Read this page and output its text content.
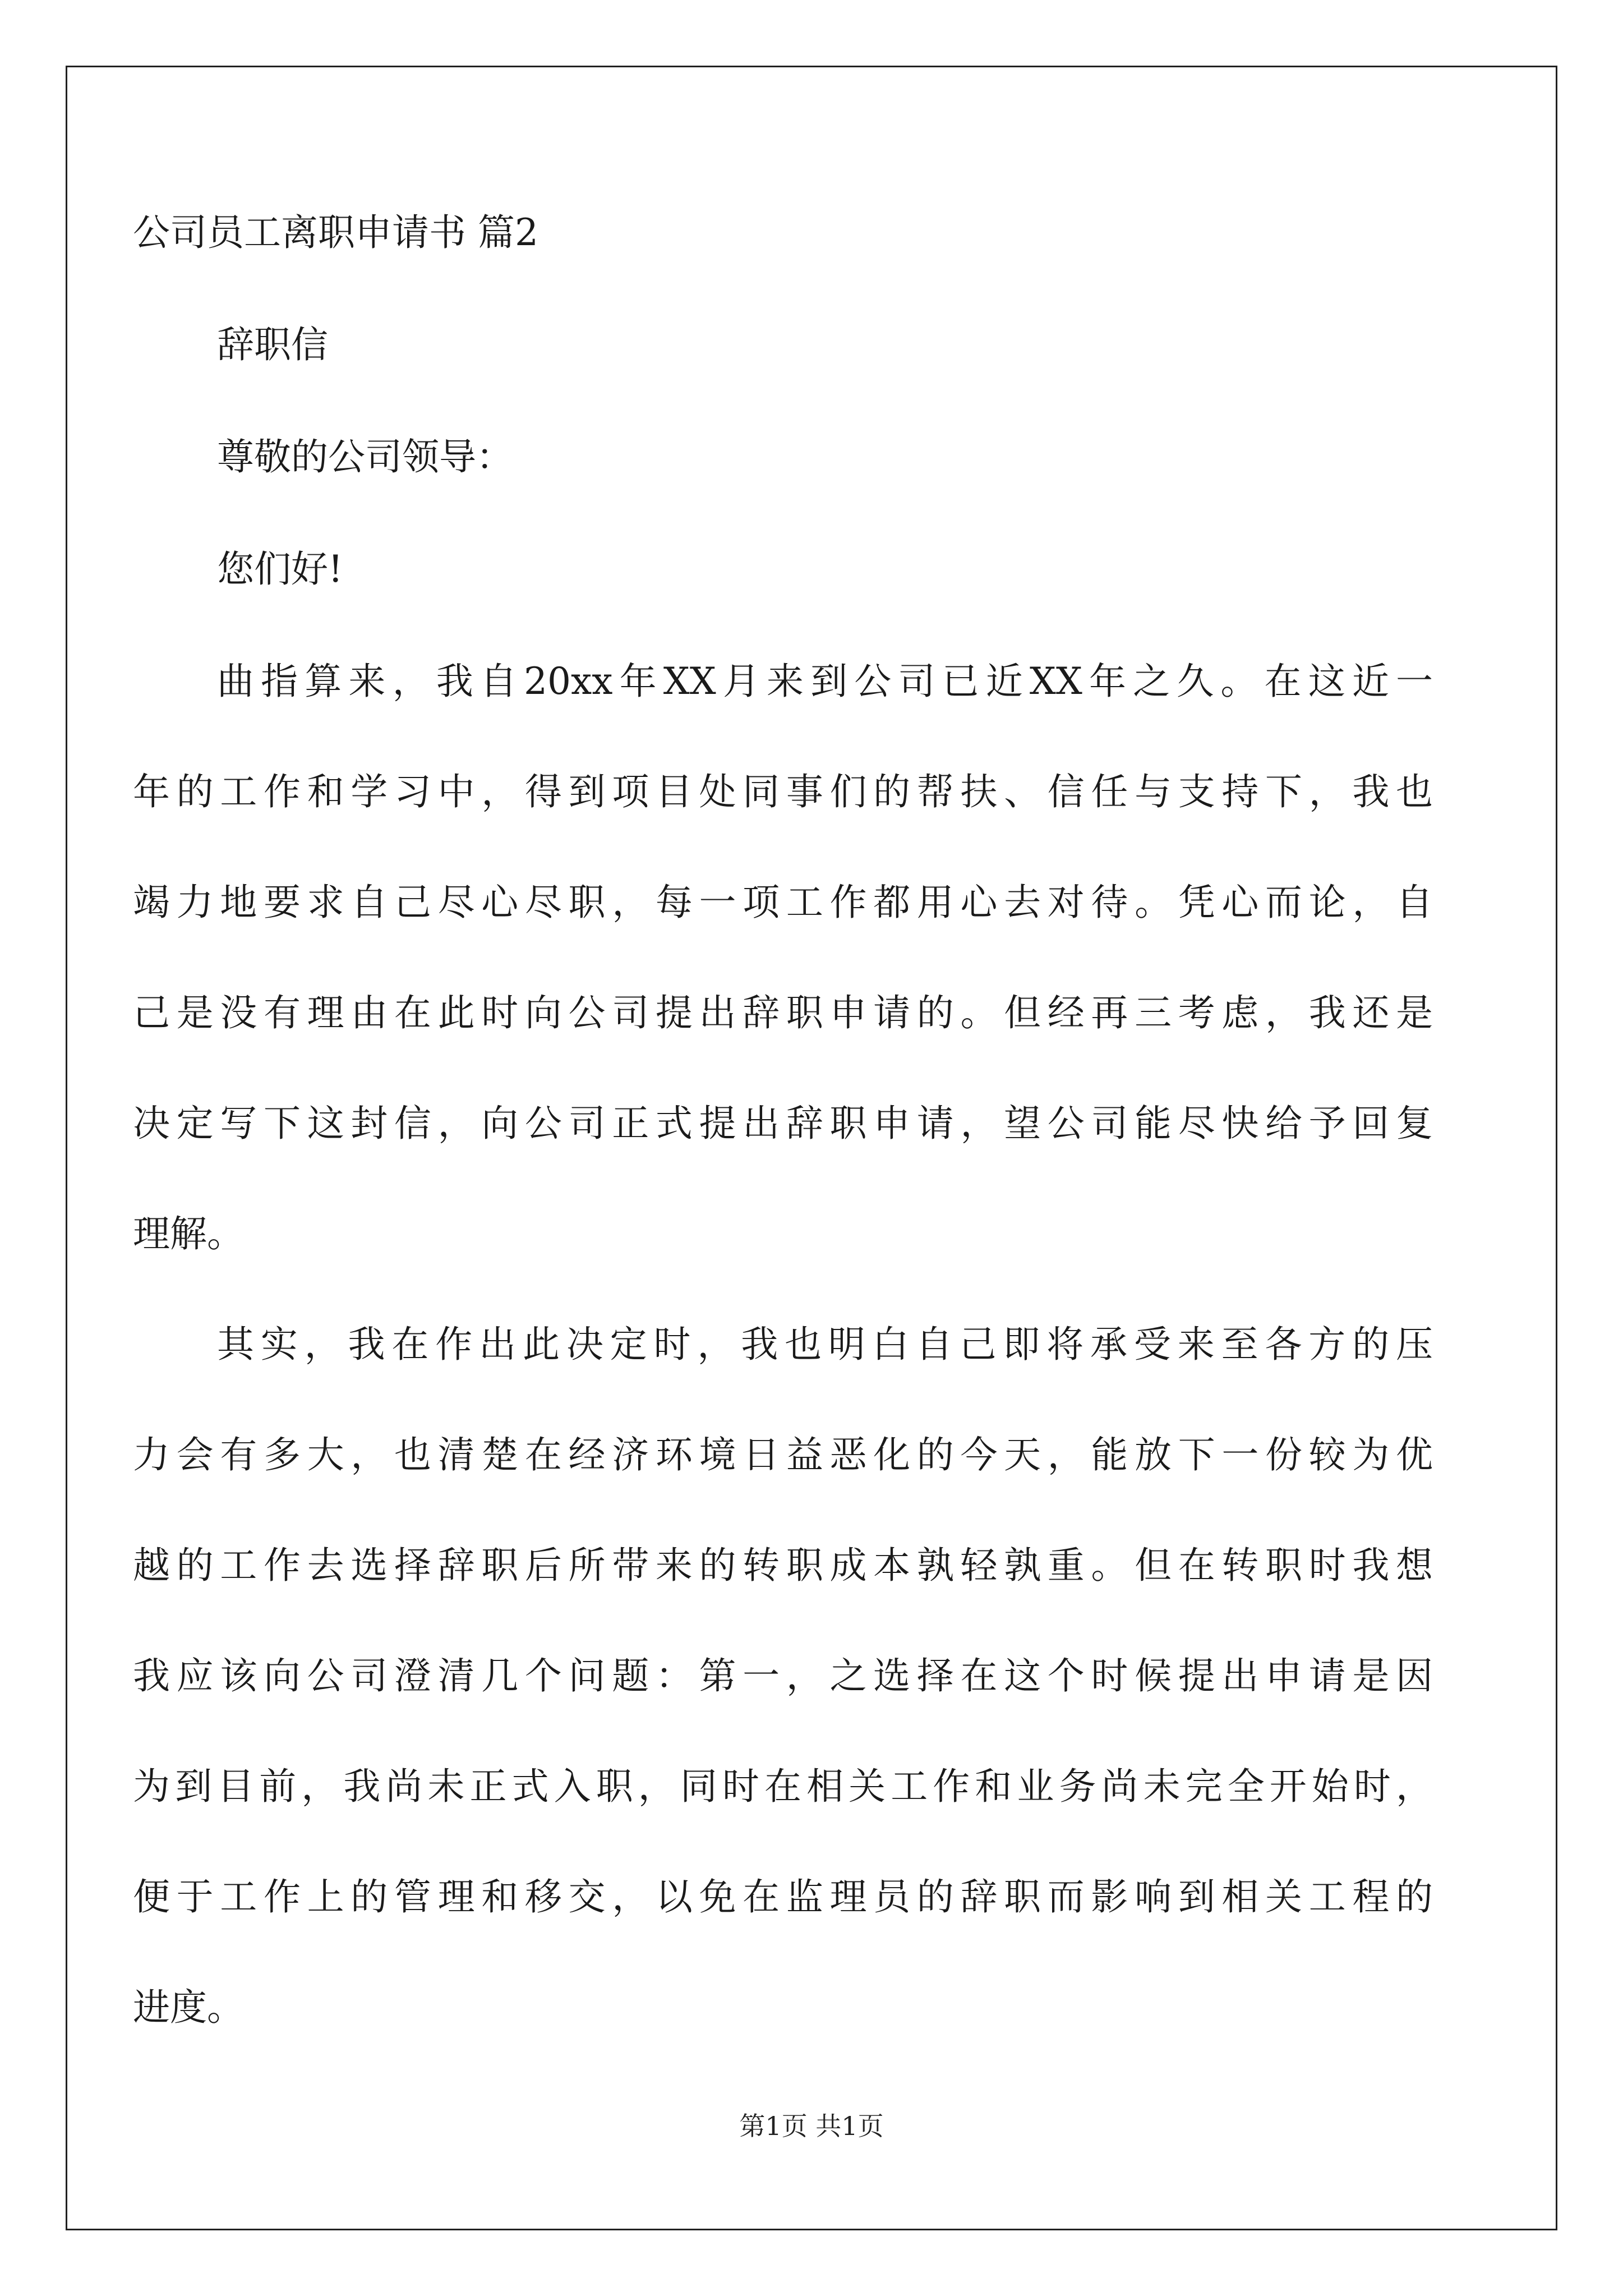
公司员工离职申请书 篇2
辞职信
尊敬的公司领导：
您们好!
曲指算来，我自20xx年XX月来到公司已近XX年之久。在这近一
年的工作和学习中，得到项目处同事们的帮扶、信任与支持下，我也
竭力地要求自己尽心尽职，每一项工作都用心去对待。凭心而论，自
己是没有理由在此时向公司提出辞职申请的。但经再三考虑，我还是
决定写下这封信，向公司正式提出辞职申请，望公司能尽快给予回复
理解。
其实，我在作出此决定时，我也明白自己即将承受来至各方的压
力会有多大，也清楚在经济环境日益恶化的今天，能放下一份较为优
越的工作去选择辞职后所带来的转职成本孰轻孰重。但在转职时我想
我应该向公司澄清几个问题：第一，之选择在这个时候提出申请是因
为到目前，我尚未正式入职，同时在相关工作和业务尚未完全开始时，
便于工作上的管理和移交，以免在监理员的辞职而影响到相关工程的
进度。
第1页 共1页
